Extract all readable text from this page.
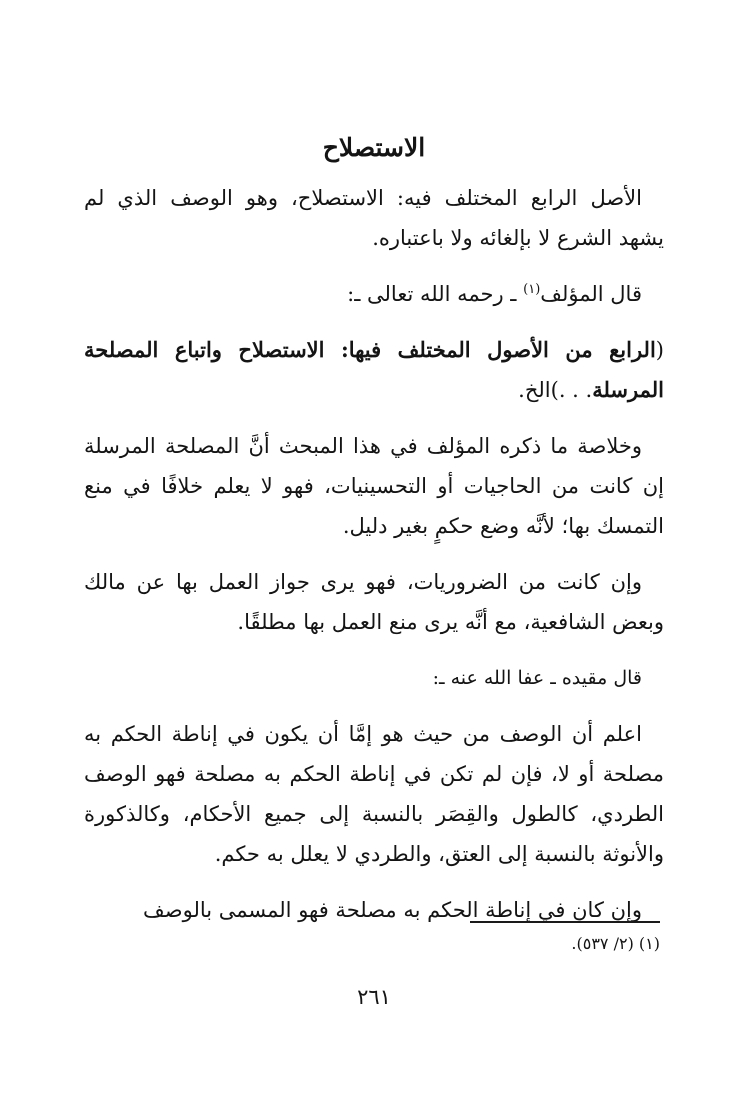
الاستصلاح

الأصل الرابع المختلف فيه: الاستصلاح، وهو الوصف الذي لم يشهد الشرع لا بإلغائه ولا باعتباره.

قال المؤلف$^{(١)}$ ـ رحمه الله تعالى ـ:

(الرابع من الأصول المختلف فيها: الاستصلاح واتباع المصلحة المرسلة. . .)الخ.

وخلاصة ما ذكره المؤلف في هذا المبحث أنَّ المصلحة المرسلة إن كانت من الحاجيات أو التحسينيات، فهو لا يعلم خلافًا في منع التمسك بها؛ لأنَّه وضع حكمٍ بغير دليل.

وإن كانت من الضروريات، فهو يرى جواز العمل بها عن مالك وبعض الشافعية، مع أنَّه يرى منع العمل بها مطلقًا.

قال مقيده ـ عفا الله عنه ـ:

اعلم أن الوصف من حيث هو إمَّا أن يكون في إناطة الحكم به مصلحة أو لا، فإن لم تكن في إناطة الحكم به مصلحة فهو الوصف الطردي، كالطول والقِصَر بالنسبة إلى جميع الأحكام، وكالذكورة والأنوثة بالنسبة إلى العتق، والطردي لا يعلل به حكم.

وإن كان في إناطة الحكم به مصلحة فهو المسمى بالوصف

(١) (٢/ ٥٣٧).
٢٦١
